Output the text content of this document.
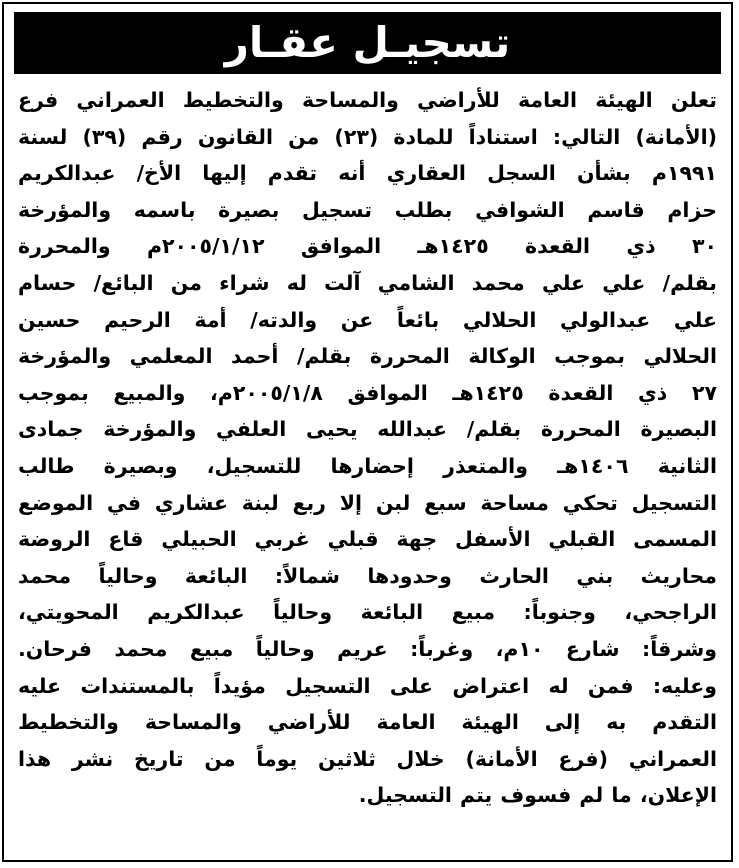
تسجيـل عقـار
تعلن الهيئة العامة للأراضي والمساحة والتخطيط العمراني فرع
(الأمانة) التالي: استناداً للمادة (٢٣) من القانون رقم (٣٩) لسنة
١٩٩١م بشأن السجل العقاري أنه تقدم إليها الأخ/ عبدالكريم
حزام قاسم الشوافي بطلب تسجيل بصيرة باسمه والمؤرخة
٣٠ ذي القعدة ١٤٢٥هـ الموافق ٢٠٠٥/١/١٢م والمحررة
بقلم/ علي علي محمد الشامي آلت له شراء من البائع/ حسام
علي عبدالولي الحلالي بائعاً عن والدته/ أمة الرحيم حسين
الحلالي بموجب الوكالة المحررة بقلم/ أحمد المعلمي والمؤرخة
٢٧ ذي القعدة ١٤٢٥هـ الموافق ٢٠٠٥/١/٨م، والمبيع بموجب
البصيرة المحررة بقلم/ عبدالله يحيى العلفي والمؤرخة جمادى
الثانية ١٤٠٦هـ والمتعذر إحضارها للتسجيل، وبصيرة طالب
التسجيل تحكي مساحة سبع لبن إلا ربع لبنة عشاري في الموضع
المسمى القبلي الأسفل جهة قبلي غربي الحبيلي قاع الروضة
محاريث بني الحارث وحدودها شمالاً: البائعة وحالياً محمد
الراجحي، وجنوباً: مبيع البائعة وحالياً عبدالكريم المحويتي،
وشرقاً: شارع ١٠م، وغرباً: عريم وحالياً مبيع محمد فرحان.
وعليه: فمن له اعتراض على التسجيل مؤيداً بالمستندات عليه
التقدم به إلى الهيئة العامة للأراضي والمساحة والتخطيط
العمراني (فرع الأمانة) خلال ثلاثين يوماً من تاريخ نشر هذا
الإعلان، ما لم فسوف يتم التسجيل.
